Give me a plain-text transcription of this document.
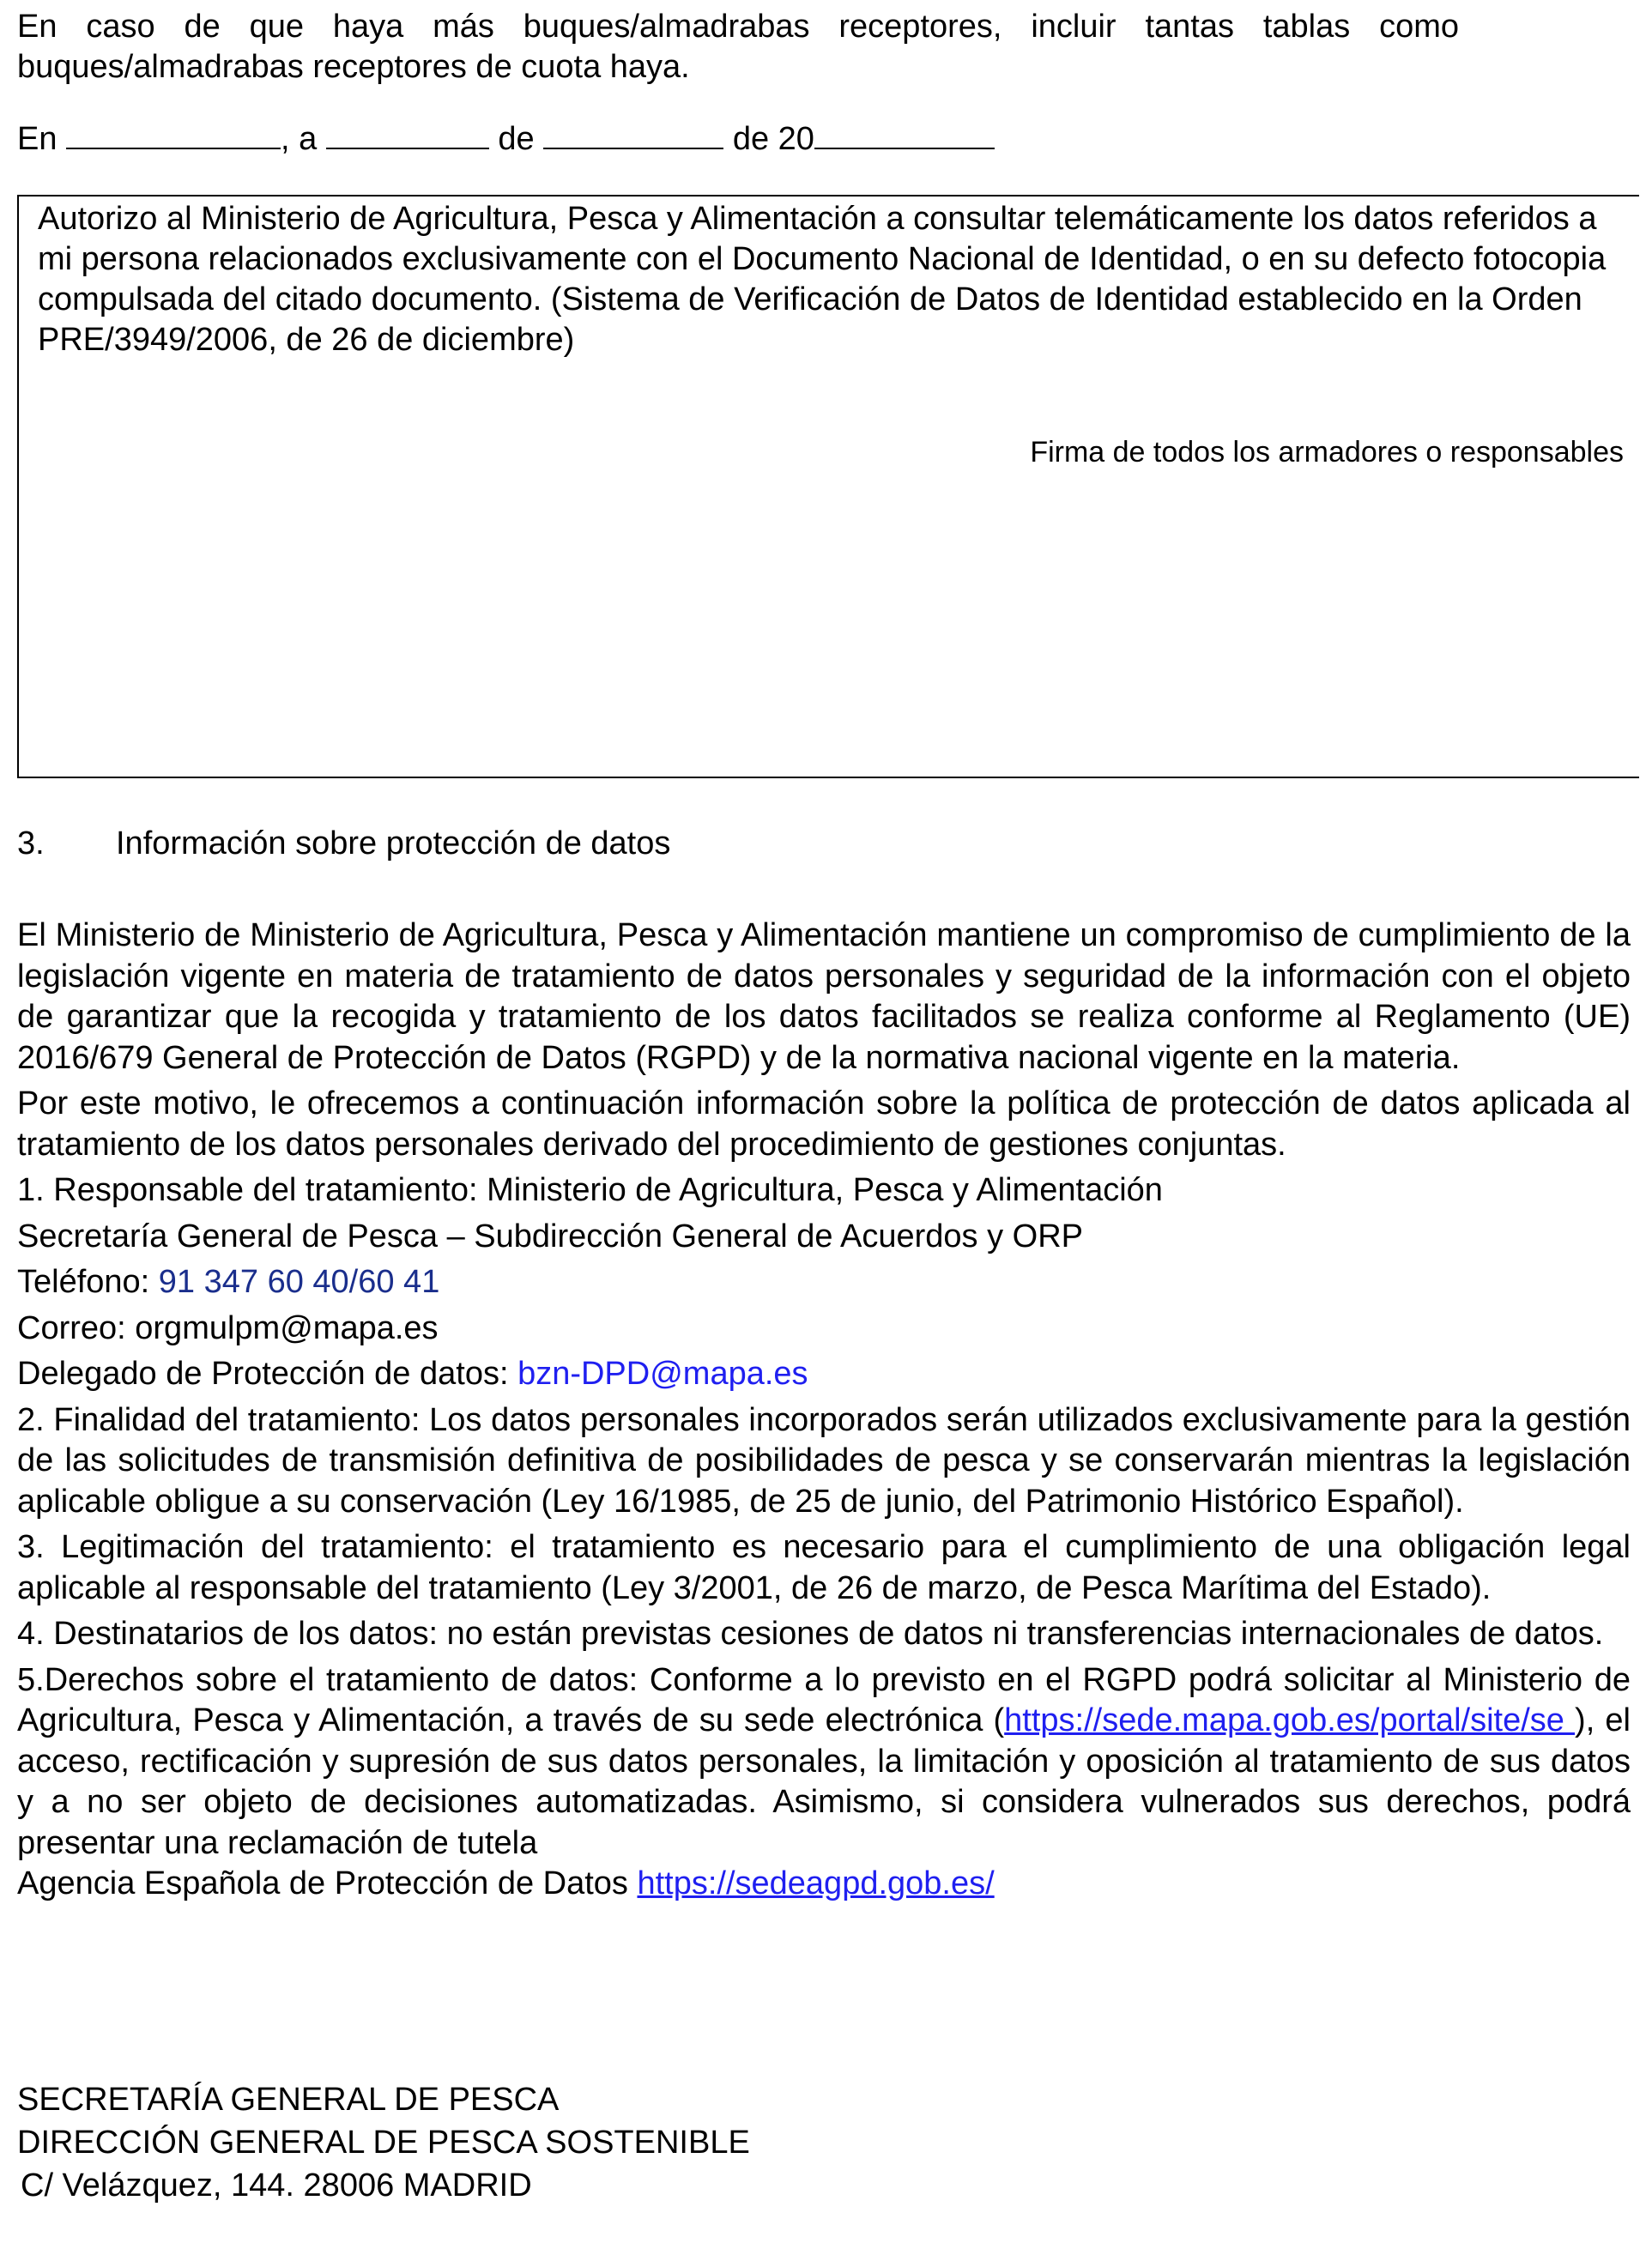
En caso de que haya más buques/almadrabas receptores, incluir tantas tablas como buques/almadrabas receptores de cuota haya.
En	, a	de	de 20
Autorizo al Ministerio de Agricultura, Pesca y Alimentación a consultar telemáticamente los datos referidos a mi persona relacionados exclusivamente con el Documento Nacional de Identidad, o en su defecto fotocopia compulsada del citado documento. (Sistema de Verificación de Datos de Identidad establecido en la Orden PRE/3949/2006, de 26 de diciembre)
Firma de todos los armadores o responsables
3. Información sobre protección de datos

El Ministerio de Ministerio de Agricultura, Pesca y Alimentación mantiene un compromiso de cumplimiento de la legislación vigente en materia de tratamiento de datos personales y seguridad de la información con el objeto de garantizar que la recogida y tratamiento de los datos facilitados se realiza conforme al Reglamento (UE) 2016/679 General de Protección de Datos (RGPD) y de la normativa nacional vigente en la materia.

Por este motivo, le ofrecemos a continuación información sobre la política de protección de datos aplicada al tratamiento de los datos personales derivado del procedimiento de gestiones conjuntas.

1. Responsable del tratamiento: Ministerio de Agricultura, Pesca y Alimentación

Secretaría General de Pesca – Subdirección General de Acuerdos y ORP

Teléfono: 91 347 60 40/60 41

Correo: orgmulpm@mapa.es

Delegado de Protección de datos: bzn-DPD@mapa.es

2. Finalidad del tratamiento: Los datos personales incorporados serán utilizados exclusivamente para la gestión de las solicitudes de transmisión definitiva de posibilidades de pesca y se conservarán mientras la legislación aplicable obligue a su conservación (Ley 16/1985, de 25 de junio, del Patrimonio Histórico Español).

3. Legitimación del tratamiento: el tratamiento es necesario para el cumplimiento de una obligación legal aplicable al responsable del tratamiento (Ley 3/2001, de 26 de marzo, de Pesca Marítima del Estado).

4. Destinatarios de los datos: no están previstas cesiones de datos ni transferencias internacionales de datos.

5.Derechos sobre el tratamiento de datos: Conforme a lo previsto en el RGPD podrá solicitar al Ministerio de Agricultura, Pesca y Alimentación, a través de su sede electrónica (https://sede.mapa.gob.es/portal/site/se ), el acceso, rectificación y supresión de sus datos personales, la limitación y oposición al tratamiento de sus datos y a no ser objeto de decisiones automatizadas. Asimismo, si considera vulnerados sus derechos, podrá presentar una reclamación de tutela

Agencia Española de Protección de Datos https://sedeagpd.gob.es/

SECRETARÍA GENERAL DE PESCA
DIRECCIÓN GENERAL DE PESCA SOSTENIBLE
C/ Velázquez, 144. 28006 MADRID
